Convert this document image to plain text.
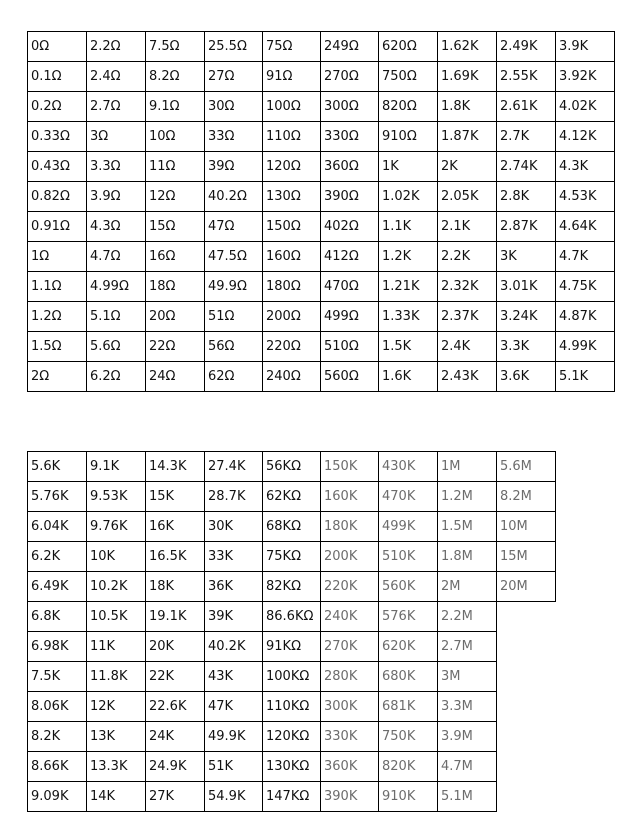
0Ω	2.2Ω	7.5Ω	25.5Ω	75Ω	249Ω	620Ω	1.62K	2.49K	3.9K
0.1Ω	2.4Ω	8.2Ω	27Ω	91Ω	270Ω	750Ω	1.69K	2.55K	3.92K
0.2Ω	2.7Ω	9.1Ω	30Ω	100Ω	300Ω	820Ω	1.8K	2.61K	4.02K
0.33Ω	3Ω	10Ω	33Ω	110Ω	330Ω	910Ω	1.87K	2.7K	4.12K
0.43Ω	3.3Ω	11Ω	39Ω	120Ω	360Ω	1K	2K	2.74K	4.3K
0.82Ω	3.9Ω	12Ω	40.2Ω	130Ω	390Ω	1.02K	2.05K	2.8K	4.53K
0.91Ω	4.3Ω	15Ω	47Ω	150Ω	402Ω	1.1K	2.1K	2.87K	4.64K
1Ω	4.7Ω	16Ω	47.5Ω	160Ω	412Ω	1.2K	2.2K	3K	4.7K
1.1Ω	4.99Ω	18Ω	49.9Ω	180Ω	470Ω	1.21K	2.32K	3.01K	4.75K
1.2Ω	5.1Ω	20Ω	51Ω	200Ω	499Ω	1.33K	2.37K	3.24K	4.87K
1.5Ω	5.6Ω	22Ω	56Ω	220Ω	510Ω	1.5K	2.4K	3.3K	4.99K
2Ω	6.2Ω	24Ω	62Ω	240Ω	560Ω	1.6K	2.43K	3.6K	5.1K
5.6K	9.1K	14.3K	27.4K	56KΩ	150K	430K	1M	5.6M
5.76K	9.53K	15K	28.7K	62KΩ	160K	470K	1.2M	8.2M
6.04K	9.76K	16K	30K	68KΩ	180K	499K	1.5M	10M
6.2K	10K	16.5K	33K	75KΩ	200K	510K	1.8M	15M
6.49K	10.2K	18K	36K	82KΩ	220K	560K	2M	20M
6.8K	10.5K	19.1K	39K	86.6KΩ	240K	576K	2.2M	
6.98K	11K	20K	40.2K	91KΩ	270K	620K	2.7M	
7.5K	11.8K	22K	43K	100KΩ	280K	680K	3M	
8.06K	12K	22.6K	47K	110KΩ	300K	681K	3.3M	
8.2K	13K	24K	49.9K	120KΩ	330K	750K	3.9M	
8.66K	13.3K	24.9K	51K	130KΩ	360K	820K	4.7M	
9.09K	14K	27K	54.9K	147KΩ	390K	910K	5.1M	
